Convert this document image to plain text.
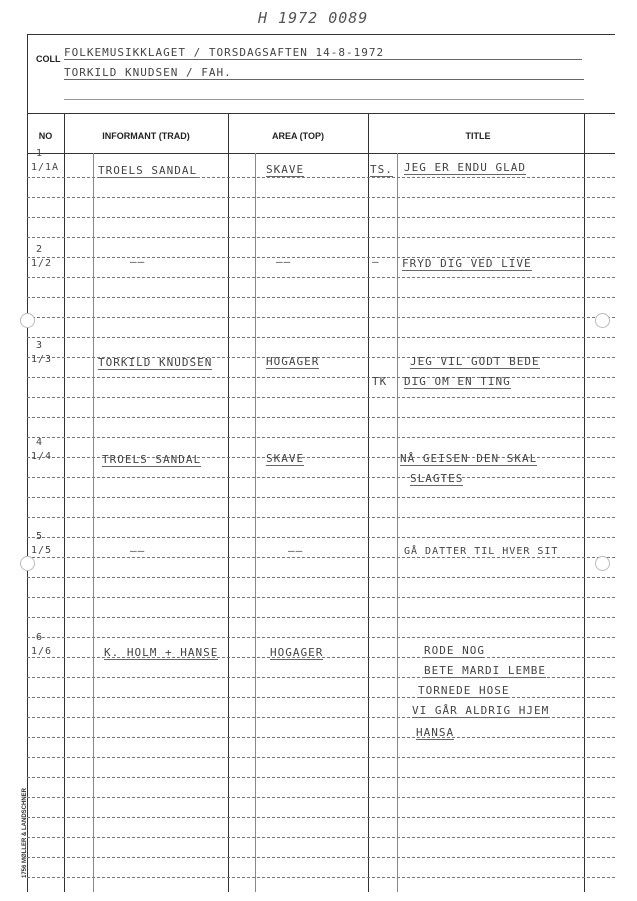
H 1972 0089
COLL FOLKEMUSIKKLAGET / TORSDAGSAFTEN 14-8-1972
TORKILD KNUDSEN / FAH.
NO	INFORMANT (TRAD)	AREA (TOP)	TITLE
1
1/1A	TROELS SANDAL	SKAVE	TS. JEG ER ENDU GLAD
2
1/2	——	——	— FRYD DIG VED LIVE
3
1/3	TORKILD KNUDSEN	HOGAGER
TK
JEG VIL GODT BEDE
DIG OM EN TING
4
1/4	TROELS SANDAL	SKAVE	NÅ GEISEN DEN SKAL
SLAGTES
5
1/5	——	——	GÅ DATTER TIL HVER SIT
6
1/6	K. HOLM + HANSE	HOGAGER	RODE NOG
BETE MARDI LEMBE
TORNEDE HOSE
VI GÅR ALDRIG HJEM
HANSA
1756 MØLLER & LANDSCHNER
